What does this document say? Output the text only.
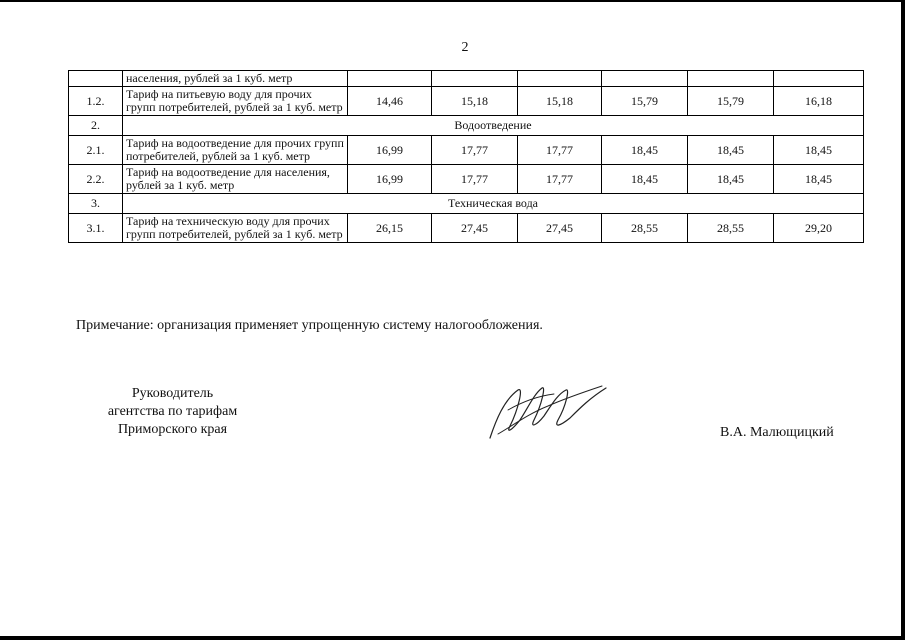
2
	населения, рублей за 1 куб. метр						
1.2.	Тариф на питьевую воду для прочих групп потребителей, рублей за 1 куб. метр	14,46	15,18	15,18	15,79	15,79	16,18
2.	Водоотведение						
2.1.	Тариф на водоотведение для прочих групп потребителей, рублей за 1 куб. метр	16,99	17,77	17,77	18,45	18,45	18,45
2.2.	Тариф на водоотведение для населения, рублей за 1 куб. метр	16,99	17,77	17,77	18,45	18,45	18,45
3.	Техническая вода						
3.1.	Тариф на техническую воду для прочих групп потребителей, рублей за 1 куб. метр	26,15	27,45	27,45	28,55	28,55	29,20
Примечание: организация применяет упрощенную систему налогообложения.
Руководитель
агентства по тарифам
Приморского края	В.А. Малющицкий
